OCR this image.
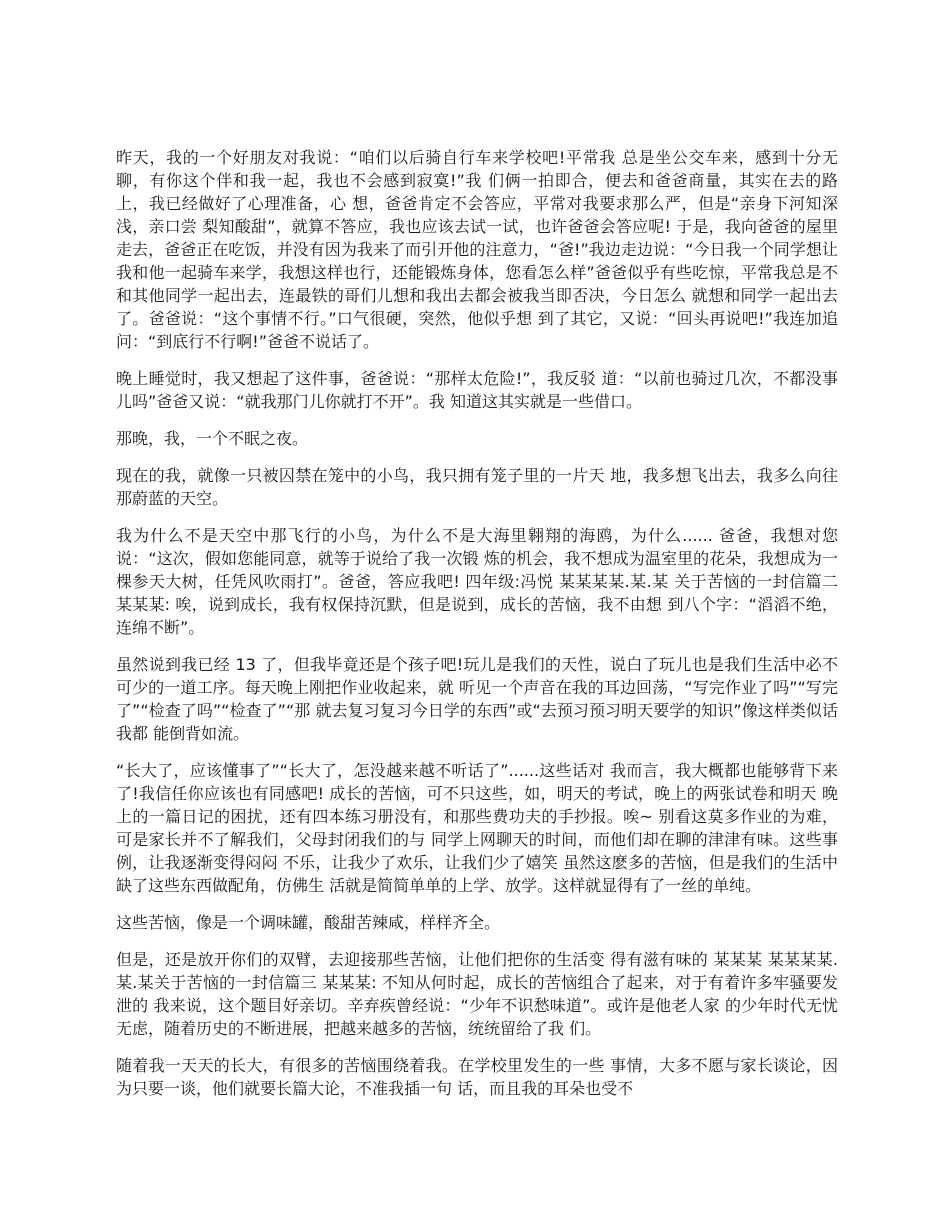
昨天，我的一个好朋友对我说：“咱们以后骑自行车来学校吧!平常我 总是坐公交车来，感到十分无聊，有你这个伴和我一起，我也不会感到寂寞!”我 们俩一拍即合，便去和爸爸商量，其实在去的路上，我已经做好了心理准备，心 想，爸爸肯定不会答应，平常对我要求那么严，但是“亲身下河知深浅，亲口尝 梨知酸甜”，就算不答应，我也应该去试一试，也许爸爸会答应呢! 于是，我向爸爸的屋里走去，爸爸正在吃饭，并没有因为我来了而引开他的注意力，“爸!”我边走边说：“今日我一个同学想让我和他一起骑车来学，我想这样也行，还能锻炼身体，您看怎么样”爸爸似乎有些吃惊，平常我总是不 和其他同学一起出去，连最铁的哥们儿想和我出去都会被我当即否决，今日怎么 就想和同学一起出去了。爸爸说：“这个事情不行。”口气很硬，突然，他似乎想 到了其它，又说：“回头再说吧!”我连加追问：“到底行不行啊!”爸爸不说话了。

晚上睡觉时，我又想起了这件事，爸爸说：“那样太危险!”，我反驳 道：“以前也骑过几次，不都没事儿吗”爸爸又说：“就我那门儿你就打不开”。我 知道这其实就是一些借口。

那晚，我，一个不眠之夜。

现在的我，就像一只被囚禁在笼中的小鸟，我只拥有笼子里的一片天 地，我多想飞出去，我多么向往那蔚蓝的天空。

我为什么不是天空中那飞行的小鸟，为什么不是大海里翱翔的海鸥，为什么...... 爸爸，我想对您说：“这次，假如您能同意，就等于说给了我一次锻 炼的机会，我不想成为温室里的花朵，我想成为一棵参天大树，任凭风吹雨打”。爸爸，答应我吧! 四年级:冯悦 某某某某.某.某 关于苦恼的一封信篇二 某某某: 唉，说到成长，我有权保持沉默，但是说到，成长的苦恼，我不由想 到八个字：“滔滔不绝，连绵不断”。

虽然说到我已经 13 了，但我毕竟还是个孩子吧!玩儿是我们的天性，说白了玩儿也是我们生活中必不可少的一道工序。每天晚上刚把作业收起来，就 听见一个声音在我的耳边回荡，“写完作业了吗”“写完了”“检查了吗”“检查了”“那 就去复习复习今日学的东西”或“去预习预习明天要学的知识”像这样类似话我都 能倒背如流。

“长大了，应该懂事了”“长大了，怎没越来越不听话了”......这些话对 我而言，我大概都也能够背下来了!我信任你应该也有同感吧! 成长的苦恼，可不只这些，如，明天的考试，晚上的两张试卷和明天 晚上的一篇日记的困扰，还有四本练习册没有，和那些费功夫的手抄报。唉~ 别看这莫多作业的为难，可是家长并不了解我们，父母封闭我们的与 同学上网聊天的时间，而他们却在聊的津津有味。这些事例，让我逐渐变得闷闷 不乐，让我少了欢乐，让我们少了嬉笑 虽然这麽多的苦恼，但是我们的生活中缺了这些东西做配角，仿佛生 活就是简简单单的上学、放学。这样就显得有了一丝的单纯。

这些苦恼，像是一个调味罐，酸甜苦辣咸，样样齐全。

但是，还是放开你们的双臂，去迎接那些苦恼，让他们把你的生活变 得有滋有味的 某某某 某某某某.某.某关于苦恼的一封信篇三 某某某: 不知从何时起，成长的苦恼组合了起来，对于有着许多牢骚要发泄的 我来说，这个题目好亲切。辛弃疾曾经说：“少年不识愁味道”。或许是他老人家 的少年时代无忧无虑，随着历史的不断进展，把越来越多的苦恼，统统留给了我 们。

随着我一天天的长大，有很多的苦恼围绕着我。在学校里发生的一些 事情，大多不愿与家长谈论，因为只要一谈，他们就要长篇大论，不准我插一句 话，而且我的耳朵也受不
